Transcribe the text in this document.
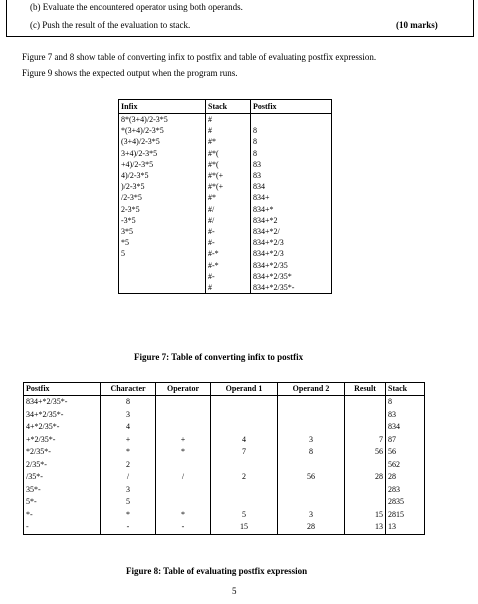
(b) Evaluate the encountered operator using both operands.
(c) Push the result of the evaluation to stack.	(10 marks)
Figure 7 and 8 show table of converting infix to postfix and table of evaluating postfix expression.
Figure 9 shows the expected output when the program runs.
Infix	Stack	Postfix
8*(3+4)/2-3*5	#	
*(3+4)/2-3*5	#	8
(3+4)/2-3*5	#*	8
3+4)/2-3*5	#*(	8
+4)/2-3*5	#*(	83
4)/2-3*5	#*(+	83
)/2-3*5	#*(+	834
/2-3*5	#*	834+
2-3*5	#/	834+*
-3*5	#/	834+*2
3*5	#-	834+*2/
*5	#-	834+*2/3
5	#-*	834+*2/3
	#-*	834+*2/35
	#-	834+*2/35*
	#	834+*2/35*-
Figure 7: Table of converting infix to postfix
Postfix	Character	Operator	Operand 1	Operand 2	Result	Stack
834+*2/35*-	8					8
34+*2/35*-	3					83
4+*2/35*-	4					834
+*2/35*-	+	+	4	3	7	87
*2/35*-	*	*	7	8	56	56
2/35*-	2					562
/35*-	/	/	2	56	28	28
35*-	3					283
5*-	5					2835
*-	*	*	5	3	15	2815
-	-	-	15	28	13	13
Figure 8: Table of evaluating postfix expression
5
